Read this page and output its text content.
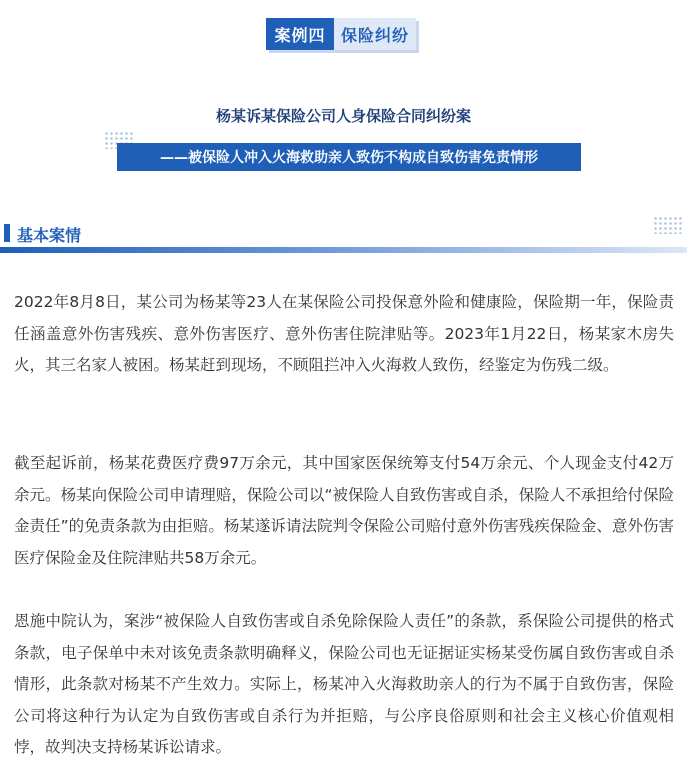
案例四 保险纠纷
杨某诉某保险公司人身保险合同纠纷案
——被保险人冲入火海救助亲人致伤不构成自致伤害免责情形
基本案情
2022年8月8日，某公司为杨某等23人在某保险公司投保意外险和健康险，保险期一年，保险责任涵盖意外伤害残疾、意外伤害医疗、意外伤害住院津贴等。2023年1月22日，杨某家木房失火，其三名家人被困。杨某赶到现场，不顾阻拦冲入火海救人致伤，经鉴定为伤残二级。
截至起诉前，杨某花费医疗费97万余元，其中国家医保统筹支付54万余元、个人现金支付42万余元。杨某向保险公司申请理赔，保险公司以“被保险人自致伤害或自杀，保险人不承担给付保险金责任”的免责条款为由拒赔。杨某遂诉请法院判令保险公司赔付意外伤害残疾保险金、意外伤害医疗保险金及住院津贴共58万余元。
恩施中院认为，案涉“被保险人自致伤害或自杀免除保险人责任”的条款，系保险公司提供的格式条款，电子保单中未对该免责条款明确释义，保险公司也无证据证实杨某受伤属自致伤害或自杀情形，此条款对杨某不产生效力。实际上，杨某冲入火海救助亲人的行为不属于自致伤害，保险公司将这种行为认定为自致伤害或自杀行为并拒赔，与公序良俗原则和社会主义核心价值观相悖，故判决支持杨某诉讼请求。
